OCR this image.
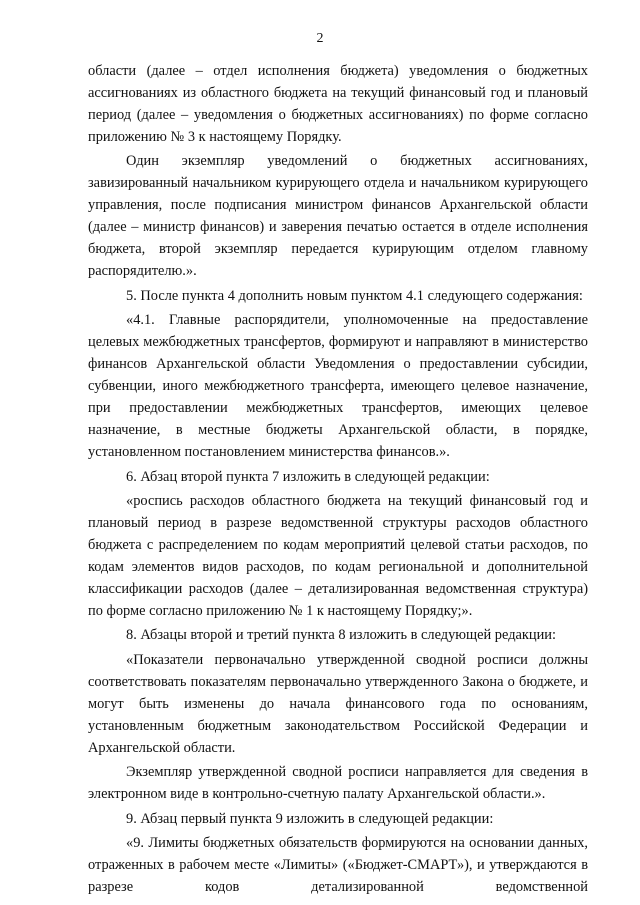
2

области (далее – отдел исполнения бюджета) уведомления о бюджетных ассигнованиях из областного бюджета на текущий финансовый год и плановый период (далее – уведомления о бюджетных ассигнованиях) по форме согласно приложению № 3 к настоящему Порядку.

Один экземпляр уведомлений о бюджетных ассигнованиях, завизированный начальником курирующего отдела и начальником курирующего управления, после подписания министром финансов Архангельской области (далее – министр финансов) и заверения печатью остается в отделе исполнения бюджета, второй экземпляр передается курирующим отделом главному распорядителю.».

5. После пункта 4 дополнить новым пунктом 4.1 следующего содержания:

«4.1. Главные распорядители, уполномоченные на предоставление целевых межбюджетных трансфертов, формируют и направляют в министерство финансов Архангельской области Уведомления о предоставлении субсидии, субвенции, иного межбюджетного трансферта, имеющего целевое назначение, при предоставлении межбюджетных трансфертов, имеющих целевое назначение, в местные бюджеты Архангельской области, в порядке, установленном постановлением министерства финансов.».

6. Абзац второй пункта 7 изложить в следующей редакции:

«роспись расходов областного бюджета на текущий финансовый год и плановый период в разрезе ведомственной структуры расходов областного бюджета с распределением по кодам мероприятий целевой статьи расходов, по кодам элементов видов расходов, по кодам региональной и дополнительной классификации расходов (далее – детализированная ведомственная структура) по форме согласно приложению № 1 к настоящему Порядку;».

8. Абзацы второй и третий пункта 8 изложить в следующей редакции:

«Показатели первоначально утвержденной сводной росписи должны соответствовать показателям первоначально утвержденного Закона о бюджете, и могут быть изменены до начала финансового года по основаниям, установленным бюджетным законодательством Российской Федерации и Архангельской области.

Экземпляр утвержденной сводной росписи направляется для сведения в электронном виде в контрольно-счетную палату Архангельской области.».

9. Абзац первый пункта 9 изложить в следующей редакции:

«9. Лимиты бюджетных обязательств формируются на основании данных, отраженных в рабочем месте «Лимиты» («Бюджет-СМАРТ»), и утверждаются в разрезе кодов детализированной ведомственной
